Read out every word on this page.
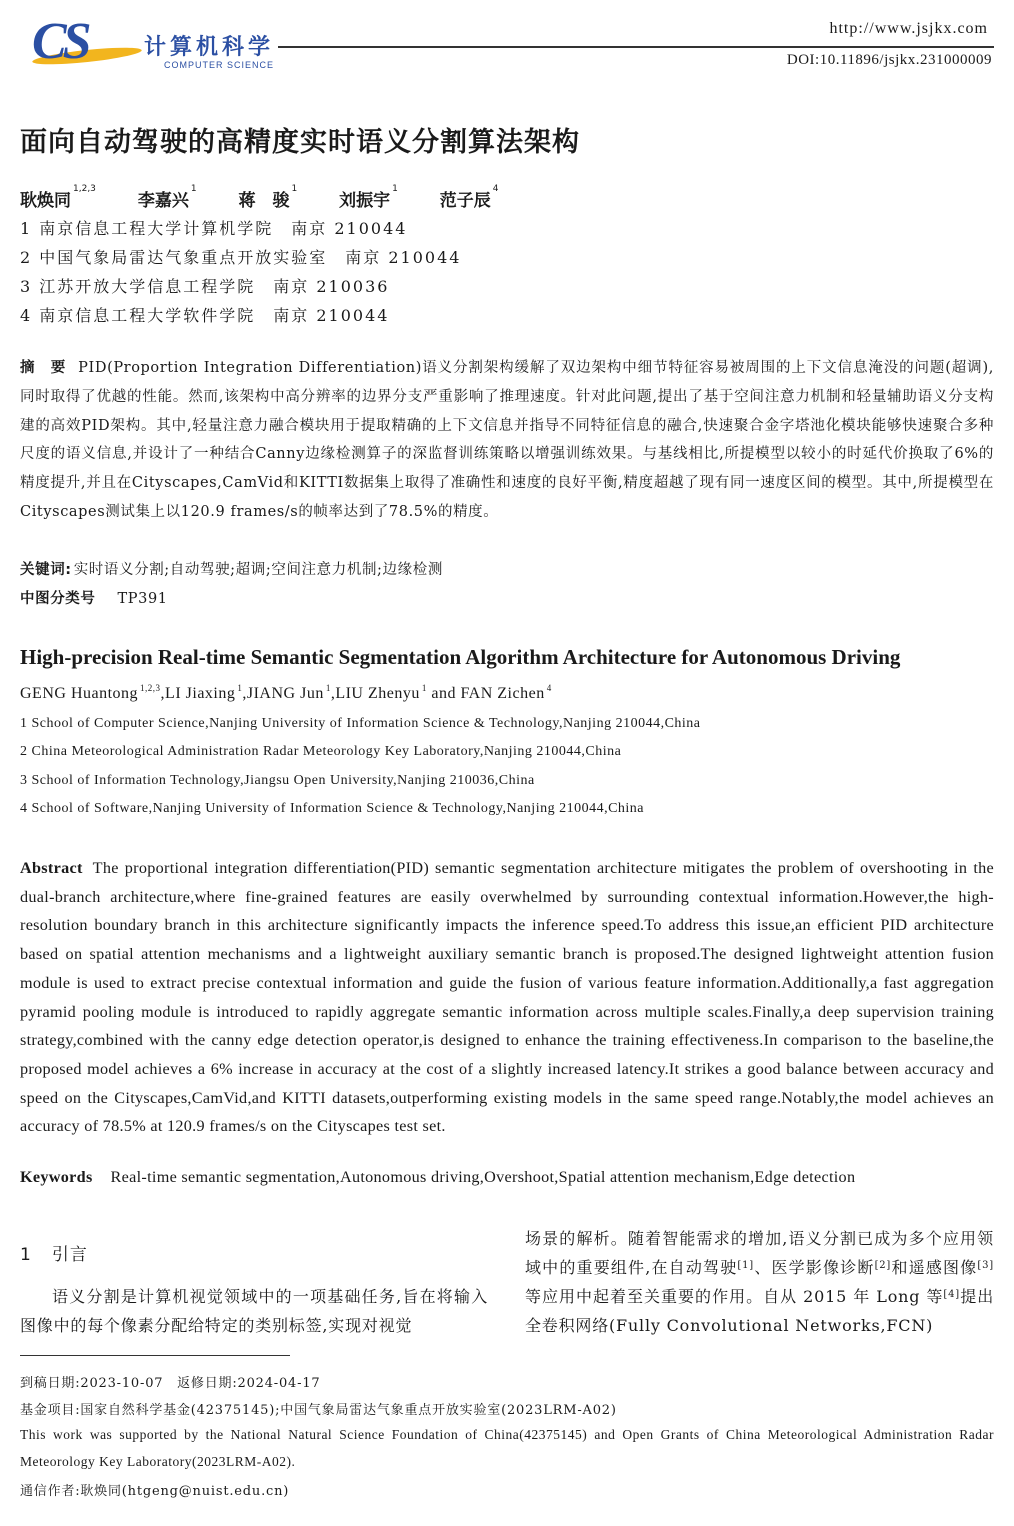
CS	计算机科学
COMPUTER SCIENCE
http://www.jsjkx.com
DOI:10.11896/jsjkx.231000009
面向自动驾驶的高精度实时语义分割算法架构
耿焕同$^{1,2,3}$ 李嘉兴$^1$ 蒋　骏$^1$ 刘振宇$^1$ 范子辰$^4$
1 南京信息工程大学计算机学院　南京 210044
2 中国气象局雷达气象重点开放实验室　南京 210044
3 江苏开放大学信息工程学院　南京 210036
4 南京信息工程大学软件学院　南京 210044
摘　要 PID(Proportion Integration Differentiation)语义分割架构缓解了双边架构中细节特征容易被周围的上下文信息淹没的问题(超调),同时取得了优越的性能。然而,该架构中高分辨率的边界分支严重影响了推理速度。针对此问题,提出了基于空间注意力机制和轻量辅助语义分支构建的高效PID架构。其中,轻量注意力融合模块用于提取精确的上下文信息并指导不同特征信息的融合,快速聚合金字塔池化模块能够快速聚合多种尺度的语义信息,并设计了一种结合Canny边缘检测算子的深监督训练策略以增强训练效果。与基线相比,所提模型以较小的时延代价换取了6%的精度提升,并且在Cityscapes,CamVid和KITTI数据集上取得了准确性和速度的良好平衡,精度超越了现有同一速度区间的模型。其中,所提模型在Cityscapes测试集上以120.9 frames/s的帧率达到了78.5%的精度。
关键词: 实时语义分割;自动驾驶;超调;空间注意力机制;边缘检测
中图分类号 TP391
High-precision Real-time Semantic Segmentation Algorithm Architecture for Autonomous Driving
GENG Huantong $^{1,2,3}$,LI Jiaxing $^1$,JIANG Jun $^1$,LIU Zhenyu $^1$ and FAN Zichen $^4$
1 School of Computer Science,Nanjing University of Information Science & Technology,Nanjing 210044,China
2 China Meteorological Administration Radar Meteorology Key Laboratory,Nanjing 210044,China
3 School of Information Technology,Jiangsu Open University,Nanjing 210036,China
4 School of Software,Nanjing University of Information Science & Technology,Nanjing 210044,China
Abstract The proportional integration differentiation(PID) semantic segmentation architecture mitigates the problem of overshooting in the dual-branch architecture,where fine-grained features are easily overwhelmed by surrounding contextual information.However,the high-resolution boundary branch in this architecture significantly impacts the inference speed.To address this issue,an efficient PID architecture based on spatial attention mechanisms and a lightweight auxiliary semantic branch is proposed.The designed lightweight attention fusion module is used to extract precise contextual information and guide the fusion of various feature information.Additionally,a fast aggregation pyramid pooling module is introduced to rapidly aggregate semantic information across multiple scales.Finally,a deep supervision training strategy,combined with the canny edge detection operator,is designed to enhance the training effectiveness.In comparison to the baseline,the proposed model achieves a 6% increase in accuracy at the cost of a slightly increased latency.It strikes a good balance between accuracy and speed on the Cityscapes,CamVid,and KITTI datasets,outperforming existing models in the same speed range.Notably,the model achieves an accuracy of 78.5% at 120.9 frames/s on the Cityscapes test set.
Keywords Real-time semantic segmentation,Autonomous driving,Overshoot,Spatial attention mechanism,Edge detection
1 引言

语义分割是计算机视觉领域中的一项基础任务,旨在将输入图像中的每个像素分配给特定的类别标签,实现对视觉

场景的解析。随着智能需求的增加,语义分割已成为多个应用领域中的重要组件,在自动驾驶[1]、医学影像诊断[2]和遥感图像[3]等应用中起着至关重要的作用。自从 2015 年 Long 等[4]提出全卷积网络(Fully Convolutional Networks,FCN)

到稿日期:2023-10-07　返修日期:2024-04-17
基金项目:国家自然科学基金(42375145);中国气象局雷达气象重点开放实验室(2023LRM-A02)
This work was supported by the National Natural Science Foundation of China(42375145) and Open Grants of China Meteorological Administration Radar Meteorology Key Laboratory(2023LRM-A02).
通信作者:耿焕同(htgeng@nuist.edu.cn)
